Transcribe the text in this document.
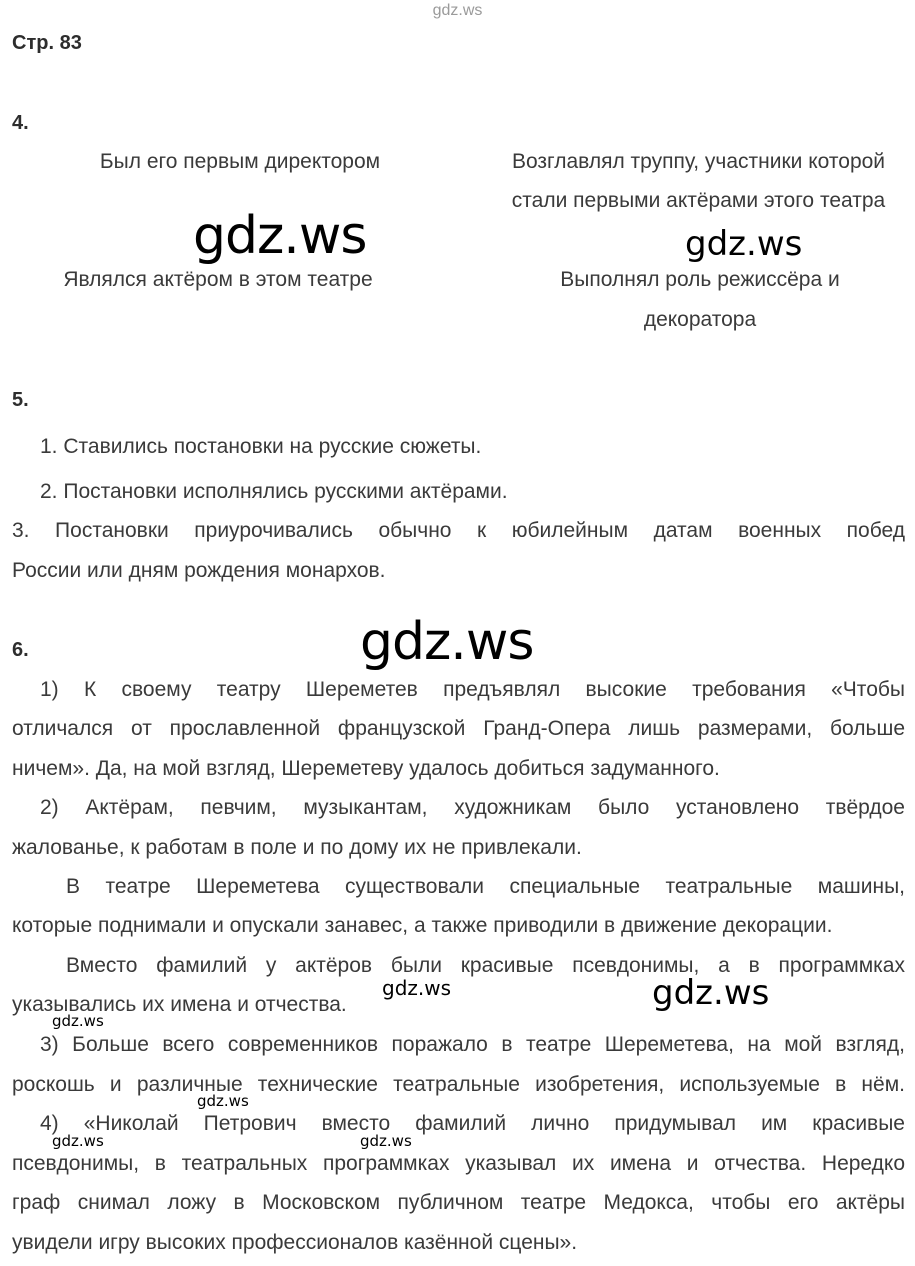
gdz.ws
Стр. 83
4.
Был его первым директором	Возглавлял труппу, участники которой
стали первыми актёрами этого театра
gdz.ws	gdz.ws
Являлся актёром в этом театре	Выполнял роль режиссёра и
декоратора
5.
1. Ставились постановки на русские сюжеты.
2. Постановки исполнялись русскими актёрами.
3. Постановки приурочивались обычно к юбилейным датам военных побед
России или дням рождения монархов.
6.	gdz.ws
1) К своему театру Шереметев предъявлял высокие требования «Чтобы
отличался от прославленной французской Гранд-Опера лишь размерами, больше
ничем». Да, на мой взгляд, Шереметеву удалось добиться задуманного.
2) Актёрам, певчим, музыкантам, художникам было установлено твёрдое
жалованье, к работам в поле и по дому их не привлекали.
В театре Шереметева существовали специальные театральные машины,
которые поднимали и опускали занавес, а также приводили в движение декорации.
Вместо фамилий у актёров были красивые псевдонимы, а в программках
указывались их имена и отчества.
gdz.ws	gdz.ws
gdz.ws
3) Больше всего современников поражало в театре Шереметева, на мой взгляд,
роскошь и различные технические театральные изобретения, используемые в нём.
gdz.ws
4) «Николай Петрович вместо фамилий лично придумывал им красивые
gdz.ws	gdz.ws
псевдонимы, в театральных программках указывал их имена и отчества. Нередко
граф снимал ложу в Московском публичном театре Медокса, чтобы его актёры
увидели игру высоких профессионалов казённой сцены».
